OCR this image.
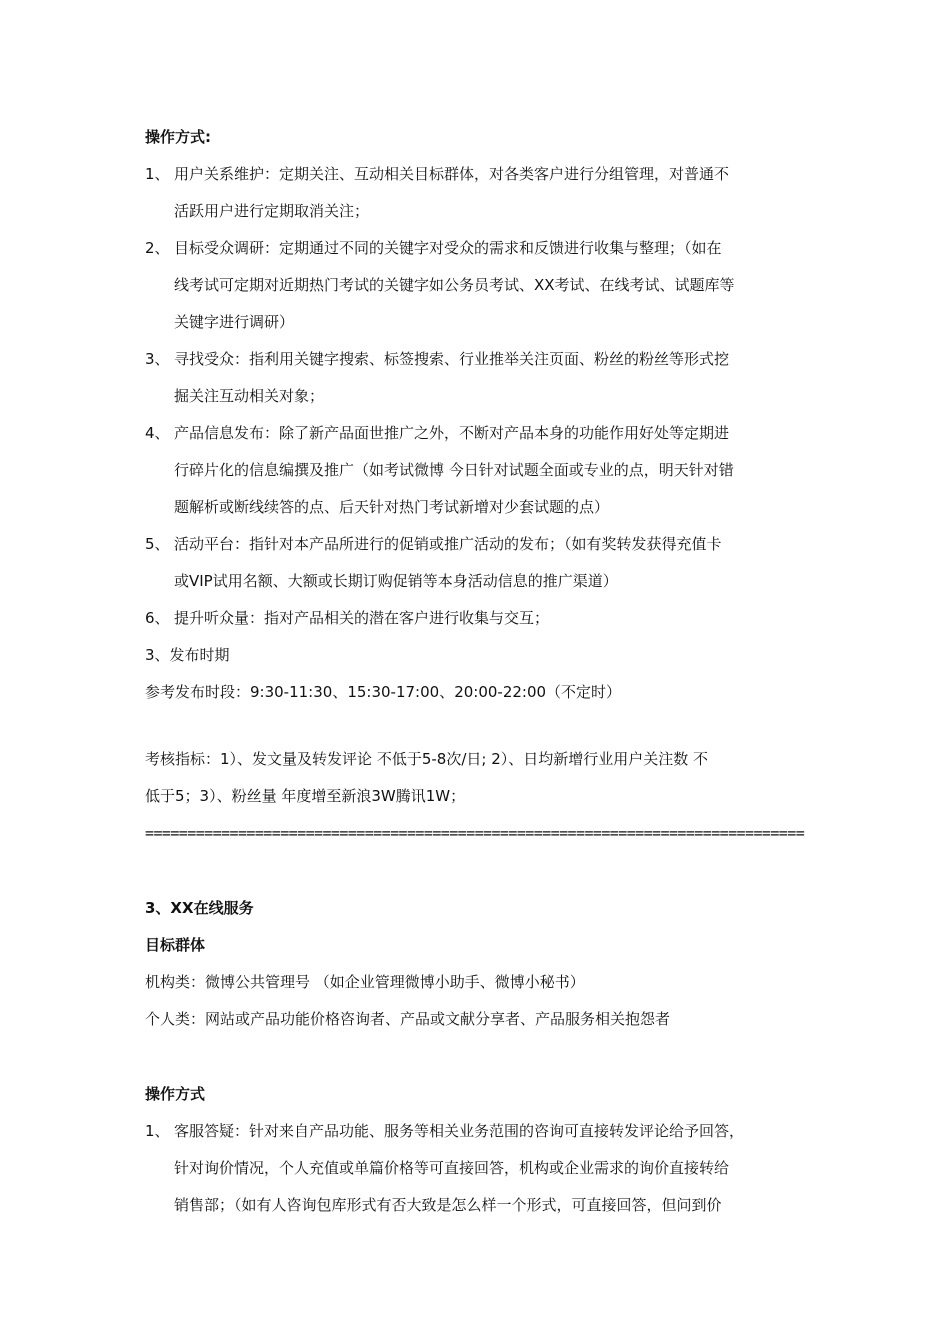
操作方式:
1、 用户关系维护：定期关注、互动相关目标群体，对各类客户进行分组管理，对普通不
活跃用户进行定期取消关注；
2、 目标受众调研：定期通过不同的关键字对受众的需求和反馈进行收集与整理；（如在
线考试可定期对近期热门考试的关键字如公务员考试、XX考试、在线考试、试题库等
关键字进行调研）
3、 寻找受众：指利用关键字搜索、标签搜索、行业推举关注页面、粉丝的粉丝等形式挖
掘关注互动相关对象；
4、 产品信息发布：除了新产品面世推广之外，不断对产品本身的功能作用好处等定期进
行碎片化的信息编撰及推广（如考试微博 今日针对试题全面或专业的点，明天针对错
题解析或断线续答的点、后天针对热门考试新增对少套试题的点）
5、 活动平台：指针对本产品所进行的促销或推广活动的发布；（如有奖转发获得充值卡
或VIP试用名额、大额或长期订购促销等本身活动信息的推广渠道）
6、 提升听众量：指对产品相关的潜在客户进行收集与交互；
3、发布时期
参考发布时段：9:30-11:30、15:30-17:00、20:00-22:00（不定时）
考核指标：1）、发文量及转发评论 不低于5-8次/日; 2）、日均新增行业用户关注数 不
低于5；3）、粉丝量 年度增至新浪3W腾讯1W；
==============================================================================
3、XX在线服务
目标群体
机构类：微博公共管理号 （如企业管理微博小助手、微博小秘书）
个人类：网站或产品功能价格咨询者、产品或文献分享者、产品服务相关抱怨者
操作方式
1、 客服答疑：针对来自产品功能、服务等相关业务范围的咨询可直接转发评论给予回答，
针对询价情况，个人充值或单篇价格等可直接回答，机构或企业需求的询价直接转给
销售部；（如有人咨询包库形式有否大致是怎么样一个形式，可直接回答，但问到价
